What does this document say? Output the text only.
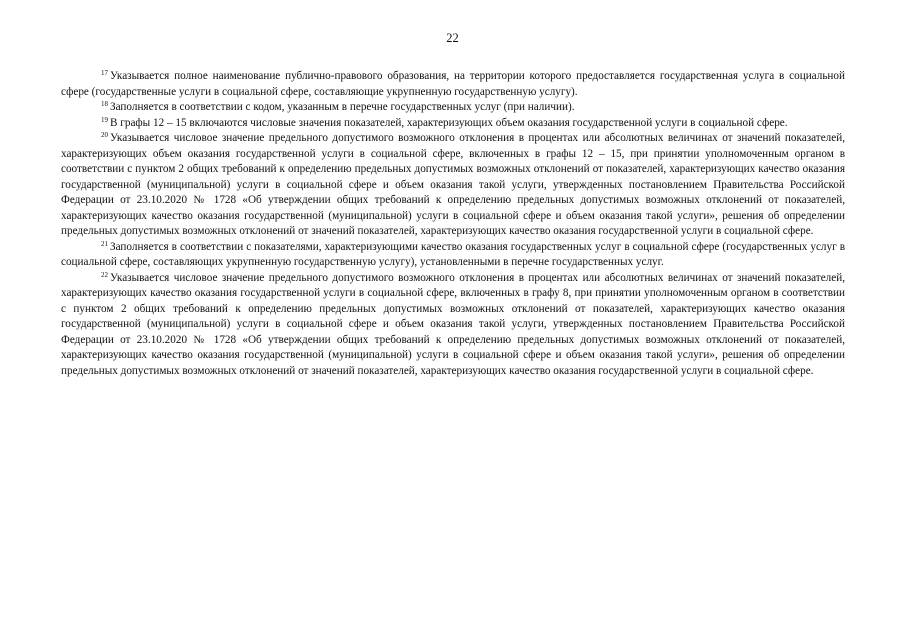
22

$^{17}$ Указывается полное наименование публично-правового образования, на территории которого предоставляется государственная услуга в социальной сфере (государственные услуги в социальной сфере, составляющие укрупненную государственную услугу).

$^{18}$ Заполняется в соответствии с кодом, указанным в перечне государственных услуг (при наличии).

$^{19}$ В графы 12 – 15 включаются числовые значения показателей, характеризующих объем оказания государственной услуги в социальной сфере.

$^{20}$ Указывается числовое значение предельного допустимого возможного отклонения в процентах или абсолютных величинах от значений показателей, характеризующих объем оказания государственной услуги в социальной сфере, включенных в графы 12 – 15, при принятии уполномоченным органом в соответствии с пунктом 2 общих требований к определению предельных допустимых возможных отклонений от показателей, характеризующих качество оказания государственной (муниципальной) услуги в социальной сфере и объем оказания такой услуги, утвержденных постановлением Правительства Российской Федерации от 23.10.2020 № 1728 «Об утверждении общих требований к определению предельных допустимых возможных отклонений от показателей, характеризующих качество оказания государственной (муниципальной) услуги в социальной сфере и объем оказания такой услуги», решения об определении предельных допустимых возможных отклонений от значений показателей, характеризующих качество оказания государственной услуги в социальной сфере.

$^{21}$ Заполняется в соответствии с показателями, характеризующими качество оказания государственных услуг в социальной сфере (государственных услуг в социальной сфере, составляющих укрупненную государственную услугу), установленными в перечне государственных услуг.

$^{22}$ Указывается числовое значение предельного допустимого возможного отклонения в процентах или абсолютных величинах от значений показателей, характеризующих качество оказания государственной услуги в социальной сфере, включенных в графу 8, при принятии уполномоченным органом в соответствии с пунктом 2 общих требований к определению предельных допустимых возможных отклонений от показателей, характеризующих качество оказания государственной (муниципальной) услуги в социальной сфере и объем оказания такой услуги, утвержденных постановлением Правительства Российской Федерации от 23.10.2020 № 1728 «Об утверждении общих требований к определению предельных допустимых возможных отклонений от показателей, характеризующих качество оказания государственной (муниципальной) услуги в социальной сфере и объем оказания такой услуги», решения об определении предельных допустимых возможных отклонений от значений показателей, характеризующих качество оказания государственной услуги в социальной сфере.
